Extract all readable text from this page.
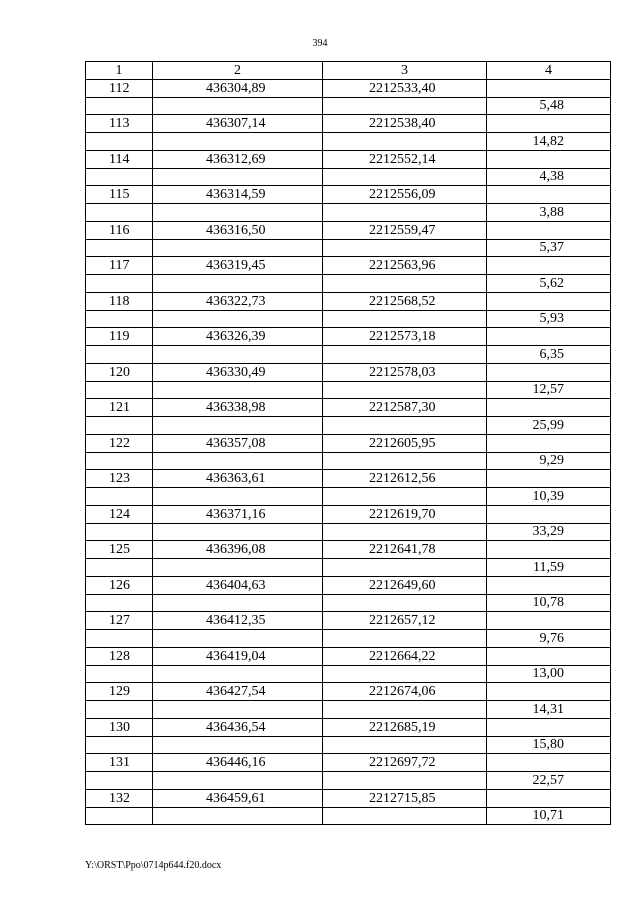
394
1	2	3	4
112	436304,89	2212533,40	
			5,48
113	436307,14	2212538,40	
			14,82
114	436312,69	2212552,14	
			4,38
115	436314,59	2212556,09	
			3,88
116	436316,50	2212559,47	
			5,37
117	436319,45	2212563,96	
			5,62
118	436322,73	2212568,52	
			5,93
119	436326,39	2212573,18	
			6,35
120	436330,49	2212578,03	
			12,57
121	436338,98	2212587,30	
			25,99
122	436357,08	2212605,95	
			9,29
123	436363,61	2212612,56	
			10,39
124	436371,16	2212619,70	
			33,29
125	436396,08	2212641,78	
			11,59
126	436404,63	2212649,60	
			10,78
127	436412,35	2212657,12	
			9,76
128	436419,04	2212664,22	
			13,00
129	436427,54	2212674,06	
			14,31
130	436436,54	2212685,19	
			15,80
131	436446,16	2212697,72	
			22,57
132	436459,61	2212715,85	
			10,71
Y:\ORST\Ppo\0714p644.f20.docx
